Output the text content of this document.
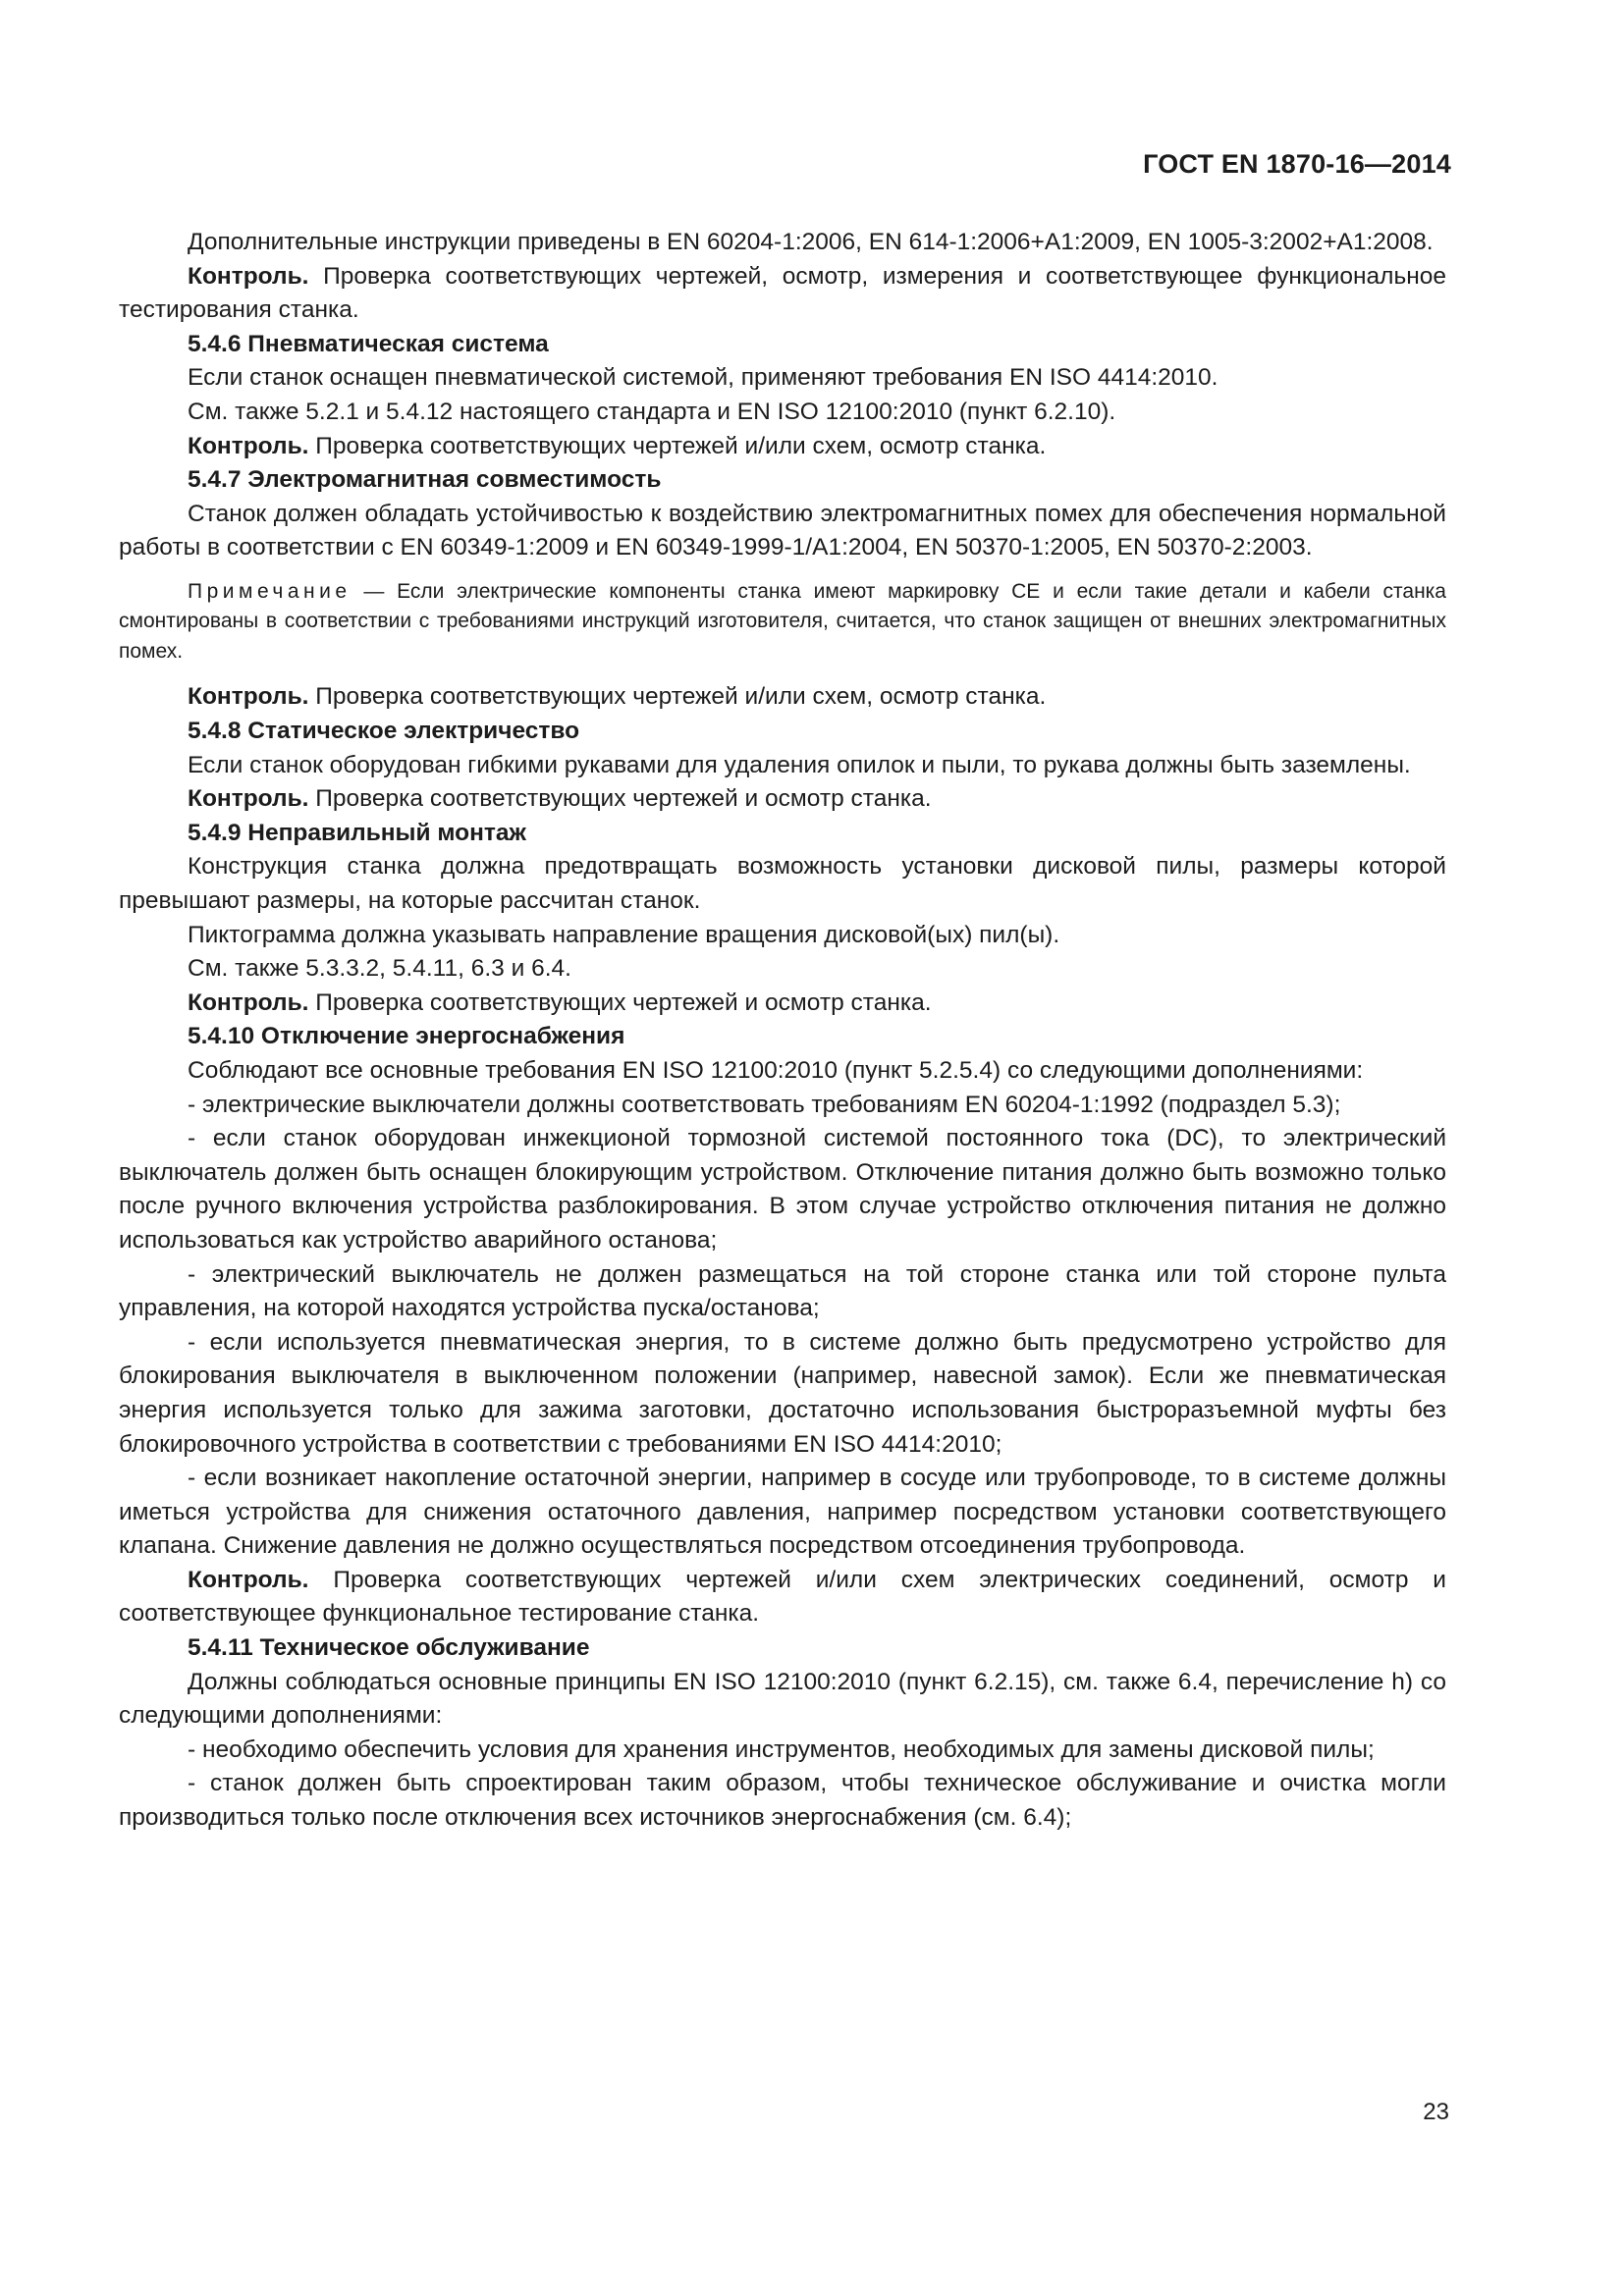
ГОСТ EN 1870-16—2014

Дополнительные инструкции приведены в EN 60204-1:2006, EN 614-1:2006+A1:2009, EN 1005-3:2002+A1:2008.

Контроль. Проверка соответствующих чертежей, осмотр, измерения и соответствующее функциональное тестирования станка.

5.4.6 Пневматическая система

Если станок оснащен пневматической системой, применяют требования EN ISO 4414:2010.

См. также 5.2.1 и 5.4.12 настоящего стандарта и EN ISO 12100:2010 (пункт 6.2.10).

Контроль. Проверка соответствующих чертежей и/или схем, осмотр станка.

5.4.7 Электромагнитная совместимость

Станок должен обладать устойчивостью к воздействию электромагнитных помех для обеспечения нормальной работы в соответствии с EN 60349-1:2009 и EN 60349-1999-1/A1:2004, EN 50370-1:2005, EN 50370-2:2003.

Примечание — Если электрические компоненты станка имеют маркировку СЕ и если такие детали и кабели станка смонтированы в соответствии с требованиями инструкций изготовителя, считается, что станок защищен от внешних электромагнитных помех.

Контроль. Проверка соответствующих чертежей и/или схем, осмотр станка.

5.4.8 Статическое электричество

Если станок оборудован гибкими рукавами для удаления опилок и пыли, то рукава должны быть заземлены.

Контроль. Проверка соответствующих чертежей и осмотр станка.

5.4.9 Неправильный монтаж

Конструкция станка должна предотвращать возможность установки дисковой пилы, размеры которой превышают размеры, на которые рассчитан станок.

Пиктограмма должна указывать направление вращения дисковой(ых) пил(ы).

См. также 5.3.3.2, 5.4.11, 6.3 и 6.4.

Контроль. Проверка соответствующих чертежей и осмотр станка.

5.4.10 Отключение энергоснабжения

Соблюдают все основные требования EN ISO 12100:2010 (пункт 5.2.5.4) со следующими дополнениями:

- электрические выключатели должны соответствовать требованиям EN 60204-1:1992 (подраздел 5.3);

- если станок оборудован инжекционой тормозной системой постоянного тока (DC), то электрический выключатель должен быть оснащен блокирующим устройством. Отключение питания должно быть возможно только после ручного включения устройства разблокирования. В этом случае устройство отключения питания не должно использоваться как устройство аварийного останова;

- электрический выключатель не должен размещаться на той стороне станка или той стороне пульта управления, на которой находятся устройства пуска/останова;

- если используется пневматическая энергия, то в системе должно быть предусмотрено устройство для блокирования выключателя в выключенном положении (например, навесной замок). Если же пневматическая энергия используется только для зажима заготовки, достаточно использования быстроразъемной муфты без блокировочного устройства в соответствии с требованиями EN ISO 4414:2010;

- если возникает накопление остаточной энергии, например в сосуде или трубопроводе, то в системе должны иметься устройства для снижения остаточного давления, например посредством установки соответствующего клапана. Снижение давления не должно осуществляться посредством отсоединения трубопровода.

Контроль. Проверка соответствующих чертежей и/или схем электрических соединений, осмотр и соответствующее функциональное тестирование станка.

5.4.11 Техническое обслуживание

Должны соблюдаться основные принципы EN ISO 12100:2010 (пункт 6.2.15), см. также 6.4, перечисление h) со следующими дополнениями:

- необходимо обеспечить условия для хранения инструментов, необходимых для замены дисковой пилы;

- станок должен быть спроектирован таким образом, чтобы техническое обслуживание и очистка могли производиться только после отключения всех источников энергоснабжения (см. 6.4);

23
